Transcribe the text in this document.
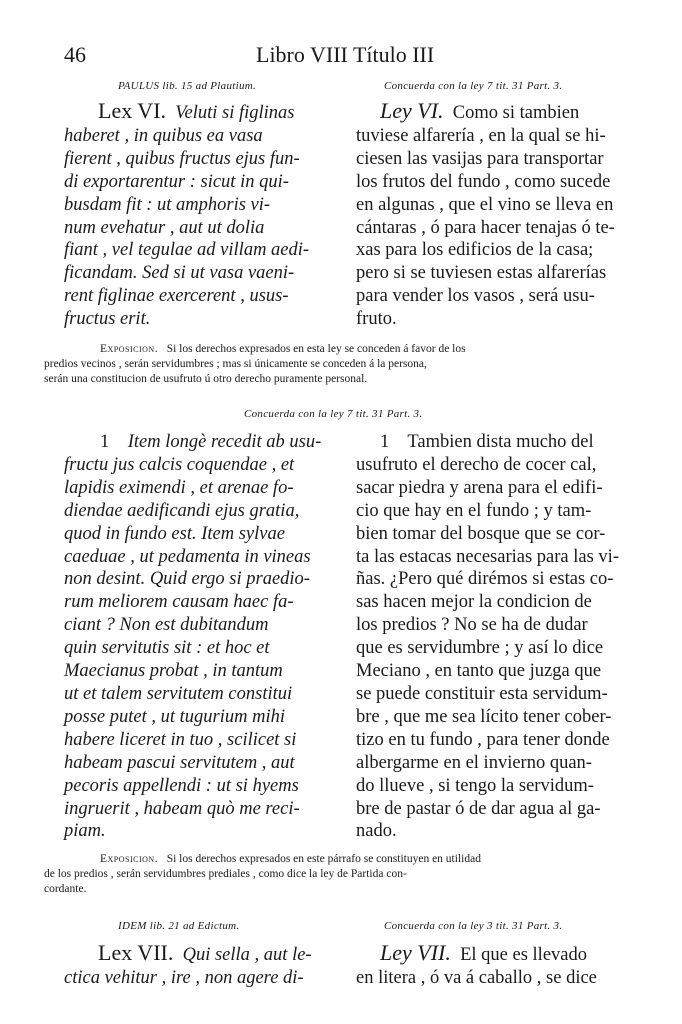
46	Libro VIII Título III
PAULUS lib. 15 ad Plautium.	Concuerda con la ley 7 tit. 31 Part. 3.
Lex VI. Veluti si figlinas
haberet , in quibus ea vasa
fierent , quibus fructus ejus fun-
di exportarentur : sicut in qui-
busdam fit : ut amphoris vi-
num evehatur , aut ut dolia
fiant , vel tegulae ad villam aedi-
ficandam. Sed si ut vasa vaeni-
rent figlinae exercerent , usus-
fructus erit.
Ley VI. Como si tambien
tuviese alfarería , en la qual se hi-
ciesen las vasijas para transportar
los frutos del fundo , como sucede
en algunas , que el vino se lleva en
cántaras , ó para hacer tenajas ó te-
xas para los edificios de la casa;
pero si se tuviesen estas alfarerías
para vender los vasos , será usu-
fruto.
Exposicion. Si los derechos expresados en esta ley se conceden á favor de los
predios vecinos , serán servidumbres ; mas si únicamente se conceden á la persona,
serán una constitucion de usufruto ú otro derecho puramente personal.
Concuerda con la ley 7 tit. 31 Part. 3.
1 Item longè recedit ab usu-
fructu jus calcis coquendae , et
lapidis eximendi , et arenae fo-
diendae aedificandi ejus gratia,
quod in fundo est. Item sylvae
caeduae , ut pedamenta in vineas
non desint. Quid ergo si praedio-
rum meliorem causam haec fa-
ciant ? Non est dubitandum
quin servitutis sit : et hoc et
Maecianus probat , in tantum
ut et talem servitutem constitui
posse putet , ut tugurium mihi
habere liceret in tuo , scilicet si
habeam pascui servitutem , aut
pecoris appellendi : ut si hyems
ingruerit , habeam quò me reci-
piam.
1 Tambien dista mucho del
usufruto el derecho de cocer cal,
sacar piedra y arena para el edifi-
cio que hay en el fundo ; y tam-
bien tomar del bosque que se cor-
ta las estacas necesarias para las vi-
ñas. ¿Pero qué dirémos si estas co-
sas hacen mejor la condicion de
los predios ? No se ha de dudar
que es servidumbre ; y así lo dice
Meciano , en tanto que juzga que
se puede constituir esta servidum-
bre , que me sea lícito tener cober-
tizo en tu fundo , para tener donde
albergarme en el invierno quan-
do llueve , si tengo la servidum-
bre de pastar ó de dar agua al ga-
nado.
Exposicion. Si los derechos expresados en este párrafo se constituyen en utilidad
de los predios , serán servidumbres prediales , como dice la ley de Partida con-
cordante.
IDEM lib. 21 ad Edictum.	Concuerda con la ley 3 tit. 31 Part. 3.
Lex VII. Qui sella , aut le-
ctica vehitur , ire , non agere di-
Ley VII. El que es llevado
en litera , ó va á caballo , se dice
